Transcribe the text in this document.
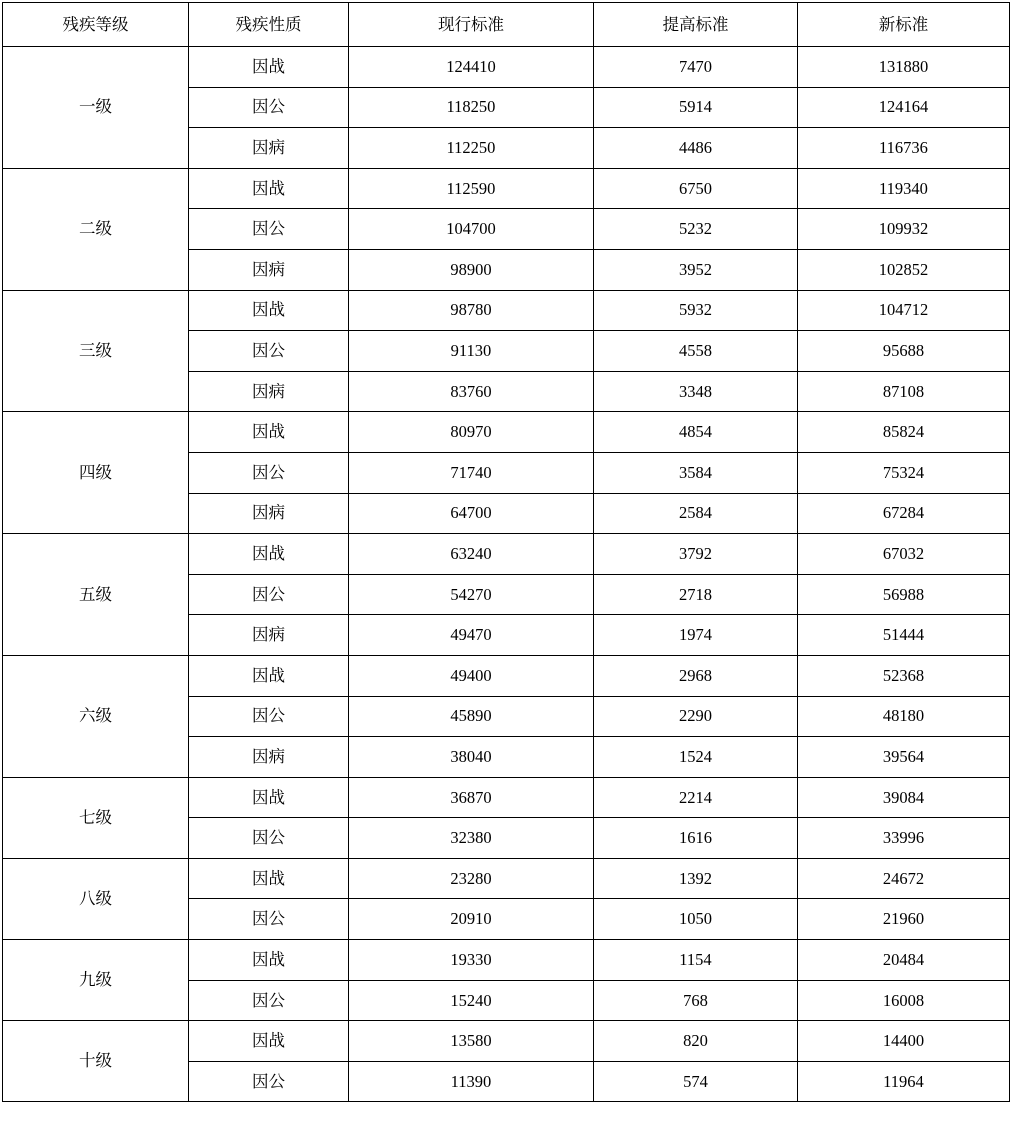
残疾等级	残疾性质	现行标准	提高标准	新标准
一级	因战	124410	7470	131880
	因公	118250	5914	124164
	因病	112250	4486	116736
二级	因战	112590	6750	119340
	因公	104700	5232	109932
	因病	98900	3952	102852
三级	因战	98780	5932	104712
	因公	91130	4558	95688
	因病	83760	3348	87108
四级	因战	80970	4854	85824
	因公	71740	3584	75324
	因病	64700	2584	67284
五级	因战	63240	3792	67032
	因公	54270	2718	56988
	因病	49470	1974	51444
六级	因战	49400	2968	52368
	因公	45890	2290	48180
	因病	38040	1524	39564
七级	因战	36870	2214	39084
	因公	32380	1616	33996
八级	因战	23280	1392	24672
	因公	20910	1050	21960
九级	因战	19330	1154	20484
	因公	15240	768	16008
十级	因战	13580	820	14400
	因公	11390	574	11964
